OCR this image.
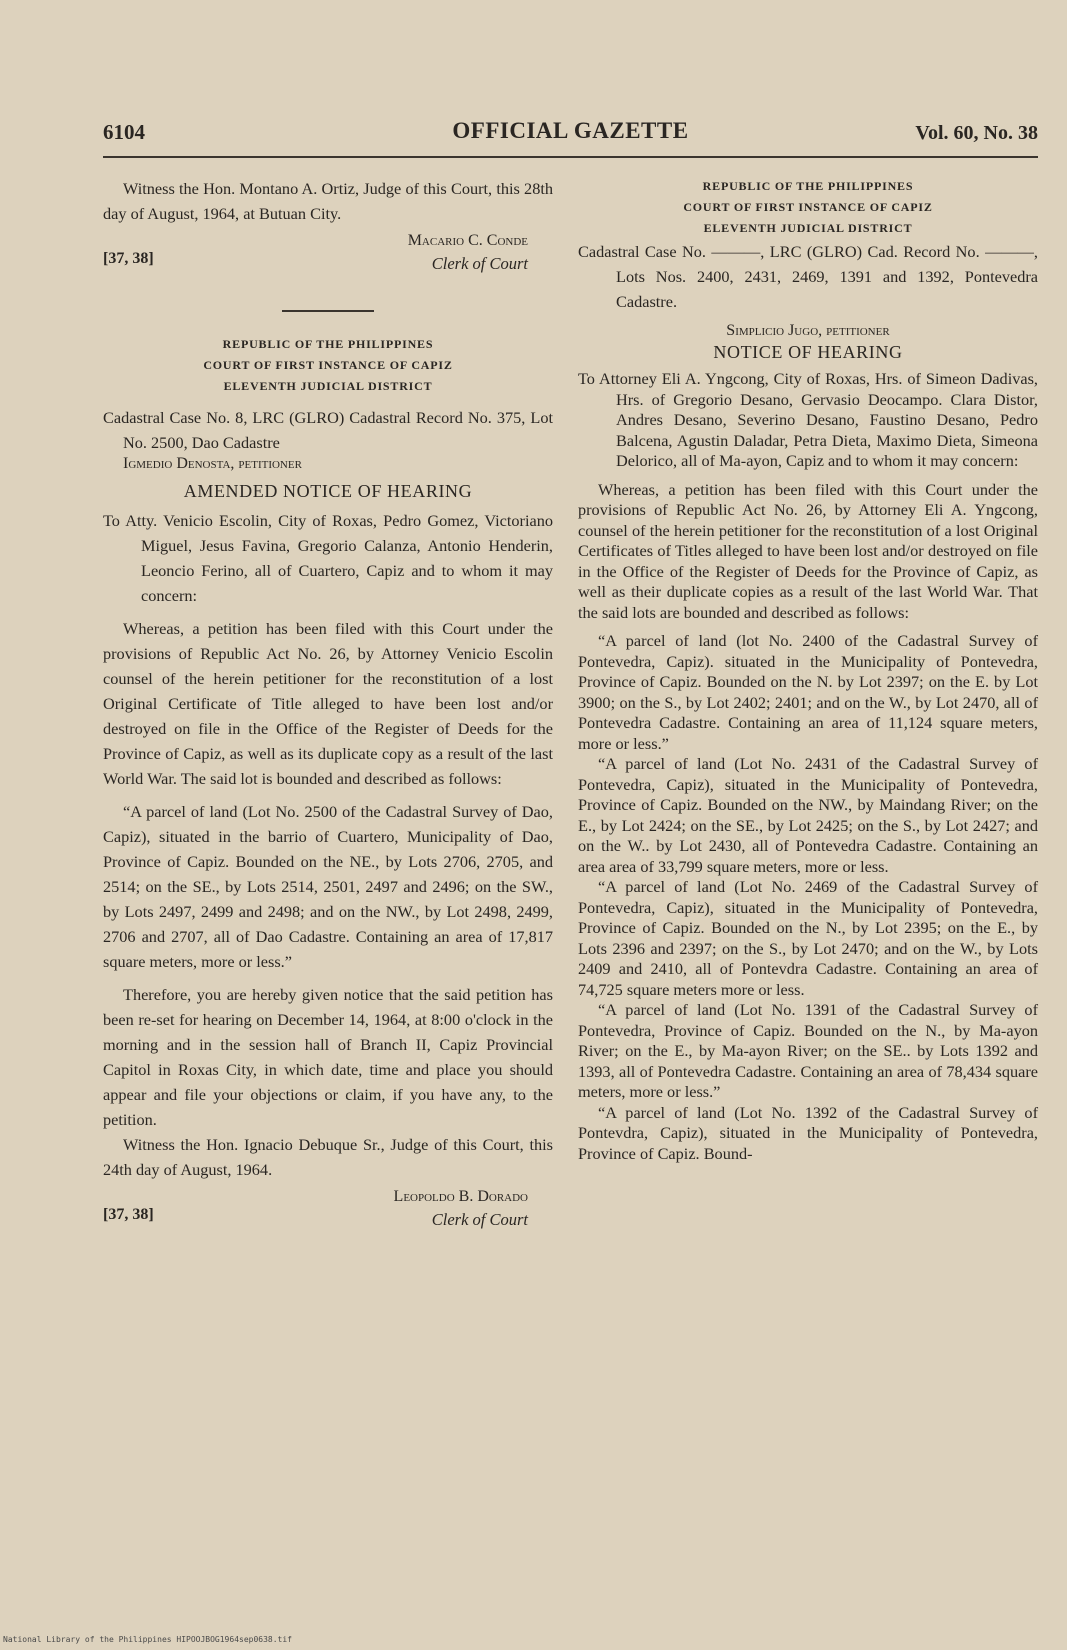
6104	OFFICIAL GAZETTE	Vol. 60, No. 38

Witness the Hon. Montano A. Ortiz, Judge of this Court, this 28th day of August, 1964, at Butuan City.

[37, 38]
Macario C. Conde
Clerk of Court
REPUBLIC OF THE PHILIPPINES
COURT OF FIRST INSTANCE OF CAPIZ
ELEVENTH JUDICIAL DISTRICT

Cadastral Case No. 8, LRC (GLRO) Cadastral Record No. 375, Lot No. 2500, Dao Cadastre

Igmedio Denosta, petitioner

AMENDED NOTICE OF HEARING

To Atty. Venicio Escolin, City of Roxas, Pedro Gomez, Victoriano Miguel, Jesus Favina, Gregorio Calanza, Antonio Henderin, Leoncio Ferino, all of Cuartero, Capiz and to whom it may concern:

Whereas, a petition has been filed with this Court under the provisions of Republic Act No. 26, by Attorney Venicio Escolin counsel of the herein petitioner for the reconstitution of a lost Original Certificate of Title alleged to have been lost and/or destroyed on file in the Office of the Register of Deeds for the Province of Capiz, as well as its duplicate copy as a result of the last World War. The said lot is bounded and described as follows:

“A parcel of land (Lot No. 2500 of the Cadastral Survey of Dao, Capiz), situated in the barrio of Cuartero, Municipality of Dao, Province of Capiz. Bounded on the NE., by Lots 2706, 2705, and 2514; on the SE., by Lots 2514, 2501, 2497 and 2496; on the SW., by Lots 2497, 2499 and 2498; and on the NW., by Lot 2498, 2499, 2706 and 2707, all of Dao Cadastre. Containing an area of 17,817 square meters, more or less.”

Therefore, you are hereby given notice that the said petition has been re-set for hearing on December 14, 1964, at 8:00 o'clock in the morning and in the session hall of Branch II, Capiz Provincial Capitol in Roxas City, in which date, time and place you should appear and file your objections or claim, if you have any, to the petition.

Witness the Hon. Ignacio Debuque Sr., Judge of this Court, this 24th day of August, 1964.

[37, 38]
Leopoldo B. Dorado
Clerk of Court
REPUBLIC OF THE PHILIPPINES
COURT OF FIRST INSTANCE OF CAPIZ
ELEVENTH JUDICIAL DISTRICT

Cadastral Case No. ———, LRC (GLRO) Cad. Record No. ———, Lots Nos. 2400, 2431, 2469, 1391 and 1392, Pontevedra Cadastre.

Simplicio Jugo, petitioner

NOTICE OF HEARING

To Attorney Eli A. Yngcong, City of Roxas, Hrs. of Simeon Dadivas, Hrs. of Gregorio Desano, Gervasio Deocampo. Clara Distor, Andres Desano, Severino Desano, Faustino Desano, Pedro Balcena, Agustin Daladar, Petra Dieta, Maximo Dieta, Simeona Delorico, all of Ma-ayon, Capiz and to whom it may concern:

Whereas, a petition has been filed with this Court under the provisions of Republic Act No. 26, by Attorney Eli A. Yngcong, counsel of the herein petitioner for the reconstitution of a lost Original Certificates of Titles alleged to have been lost and/or destroyed on file in the Office of the Register of Deeds for the Province of Capiz, as well as their duplicate copies as a result of the last World War. That the said lots are bounded and described as follows:

“A parcel of land (lot No. 2400 of the Cadastral Survey of Pontevedra, Capiz). situated in the Municipality of Pontevedra, Province of Capiz. Bounded on the N. by Lot 2397; on the E. by Lot 3900; on the S., by Lot 2402; 2401; and on the W., by Lot 2470, all of Pontevedra Cadastre. Containing an area of 11,124 square meters, more or less.”

“A parcel of land (Lot No. 2431 of the Cadastral Survey of Pontevedra, Capiz), situated in the Municipality of Pontevedra, Province of Capiz. Bounded on the NW., by Maindang River; on the E., by Lot 2424; on the SE., by Lot 2425; on the S., by Lot 2427; and on the W.. by Lot 2430, all of Pontevedra Cadastre. Containing an area area of 33,799 square meters, more or less.

“A parcel of land (Lot No. 2469 of the Cadastral Survey of Pontevedra, Capiz), situated in the Municipality of Pontevedra, Province of Capiz. Bounded on the N., by Lot 2395; on the E., by Lots 2396 and 2397; on the S., by Lot 2470; and on the W., by Lots 2409 and 2410, all of Pontevdra Cadastre. Containing an area of 74,725 square meters more or less.

“A parcel of land (Lot No. 1391 of the Cadastral Survey of Pontevedra, Province of Capiz. Bounded on the N., by Ma-ayon River; on the E., by Ma-ayon River; on the SE.. by Lots 1392 and 1393, all of Pontevedra Cadastre. Containing an area of 78,434 square meters, more or less.”

“A parcel of land (Lot No. 1392 of the Cadastral Survey of Pontevdra, Capiz), situated in the Municipality of Pontevedra, Province of Capiz. Bound-

National Library of the Philippines HIPOOJBOG1964sep0638.tif
